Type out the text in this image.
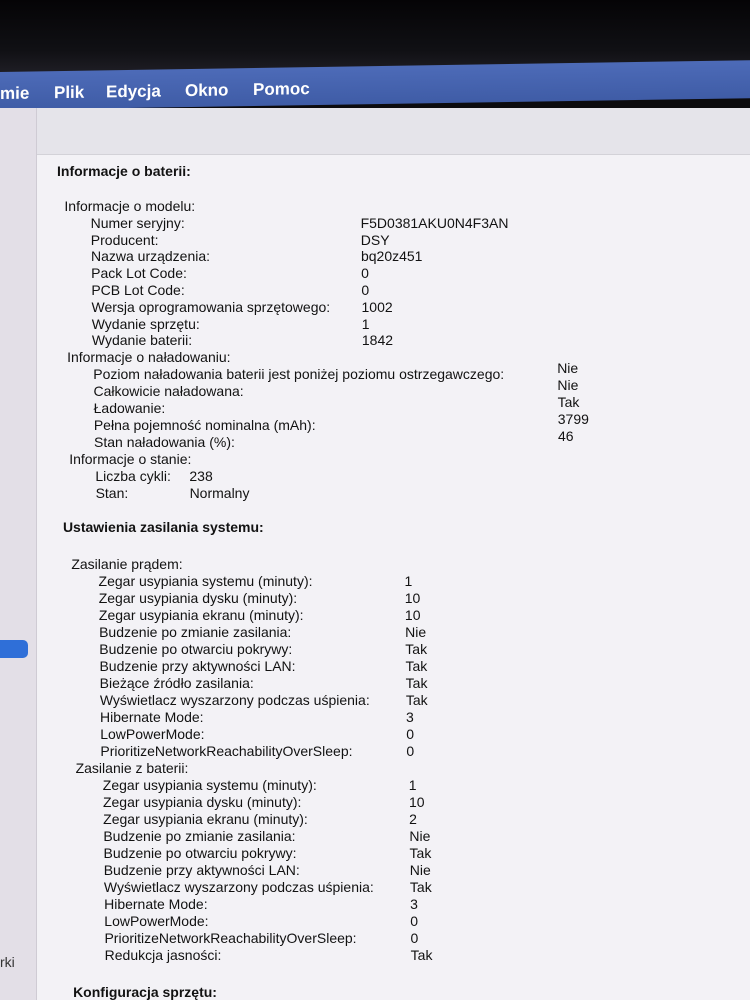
mie Plik Edycja Okno Pomoc
rki
Informacje o baterii:
Informacje o modelu:
Numer seryjny:	F5D0381AKU0N4F3AN
Producent:	DSY
Nazwa urządzenia:	bq20z451
Pack Lot Code:	0
PCB Lot Code:	0
Wersja oprogramowania sprzętowego: 1002
Wydanie sprzętu:	1
Wydanie baterii:	1842
Informacje o naładowaniu:
Poziom naładowania baterii jest poniżej poziomu ostrzegawczego:	Nie
Całkowicie naładowana:	Nie
Ładowanie:	Tak
Pełna pojemność nominalna (mAh):	3799
Stan naładowania (%):	46
Informacje o stanie:
Liczba cykli: 238
Stan:	Normalny
Ustawienia zasilania systemu:
Zasilanie prądem:
Zegar usypiania systemu (minuty):	1
Zegar usypiania dysku (minuty):	10
Zegar usypiania ekranu (minuty):	10
Budzenie po zmianie zasilania:	Nie
Budzenie po otwarciu pokrywy:	Tak
Budzenie przy aktywności LAN:	Tak
Bieżące źródło zasilania:	Tak
Wyświetlacz wyszarzony podczas uśpienia:	Tak
Hibernate Mode:	3
LowPowerMode:	0
PrioritizeNetworkReachabilityOverSleep:	0
Zasilanie z baterii:
Zegar usypiania systemu (minuty):	1
Zegar usypiania dysku (minuty):	10
Zegar usypiania ekranu (minuty):	2
Budzenie po zmianie zasilania:	Nie
Budzenie po otwarciu pokrywy:	Tak
Budzenie przy aktywności LAN:	Nie
Wyświetlacz wyszarzony podczas uśpienia:	Tak
Hibernate Mode:	3
LowPowerMode:	0
PrioritizeNetworkReachabilityOverSleep:	0
Redukcja jasności:	Tak
Konfiguracja sprzętu:
